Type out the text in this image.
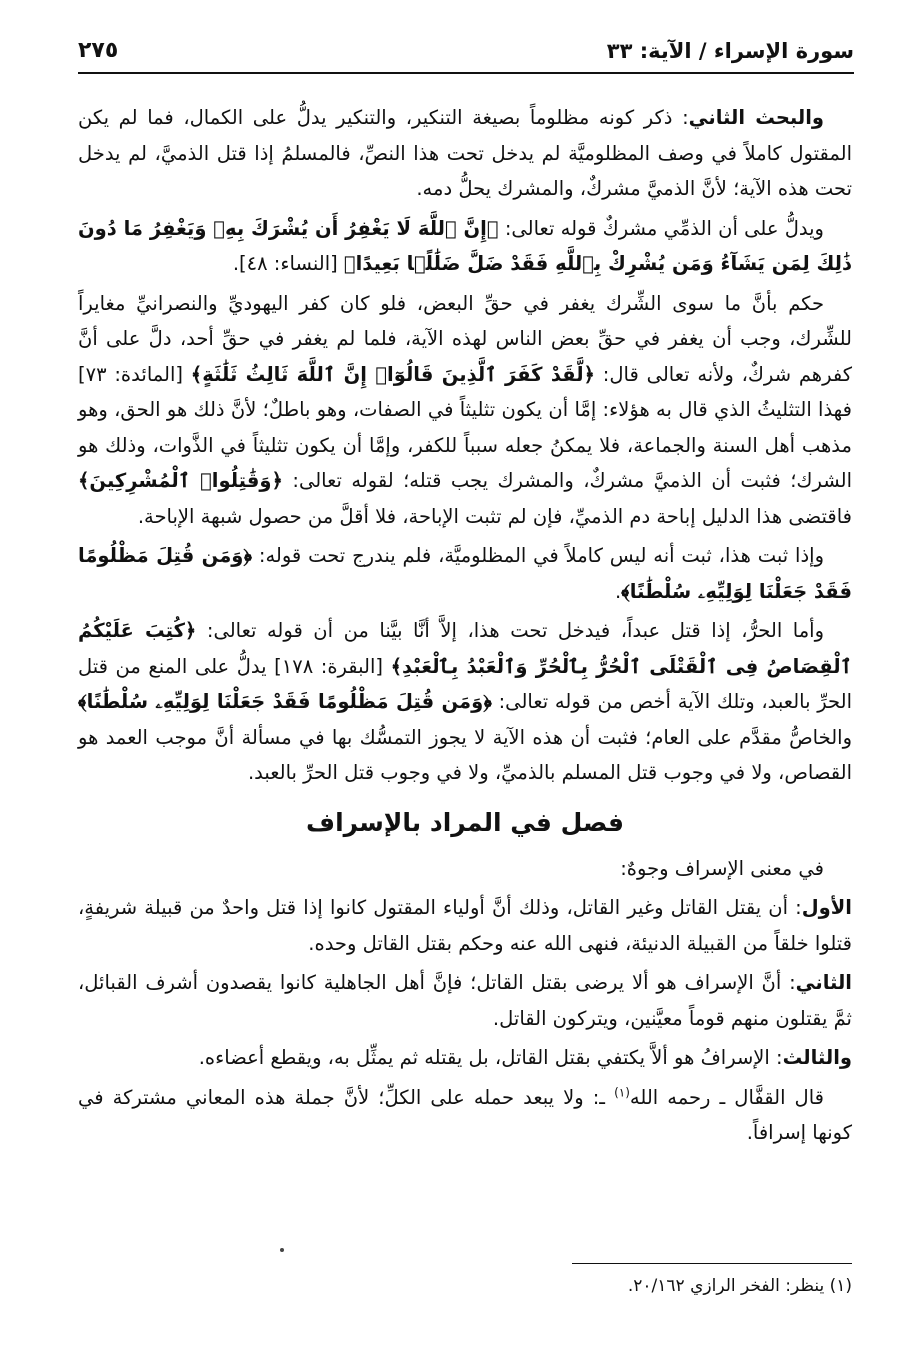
سورة الإسراء / الآية: ٣٣
٢٧٥

والبحث الثاني: ذكر كونه مظلوماً بصيغة التنكير، والتنكير يدلُّ على الكمال، فما لم يكن المقتول كاملاً في وصف المظلوميَّة لم يدخل تحت هذا النصِّ، فالمسلمُ إذا قتل الذميَّ، لم يدخل تحت هذه الآية؛ لأنَّ الذميَّ مشركٌ، والمشرك يحلُّ دمه.

ويدلُّ على أن الذمِّي مشركٌ قوله تعالى: ﴿إِنَّ ٱللَّهَ لَا يَغْفِرُ أَن يُشْرَكَ بِهِۦ وَيَغْفِرُ مَا دُونَ ذَٰلِكَ لِمَن يَشَآءُ وَمَن يُشْرِكْ بِٱللَّهِ فَقَدْ ضَلَّ ضَلَٰلًۢا بَعِيدًا﴾ [النساء: ٤٨].

حكم بأنَّ ما سوى الشِّرك يغفر في حقِّ البعض، فلو كان كفر اليهوديِّ والنصرانيِّ مغايراً للشِّرك، وجب أن يغفر في حقِّ بعض الناس لهذه الآية، فلما لم يغفر في حقِّ أحد، دلَّ على أنَّ كفرهم شركٌ، ولأنه تعالى قال: ﴿لَّقَدْ كَفَرَ ٱلَّذِينَ قَالُوٓا۟ إِنَّ ٱللَّهَ ثَالِثُ ثَلَٰثَةٍ﴾ [المائدة: ٧٣] فهذا التثليثُ الذي قال به هؤلاء: إمَّا أن يكون تثليثاً في الصفات، وهو باطلٌ؛ لأنَّ ذلك هو الحق، وهو مذهب أهل السنة والجماعة، فلا يمكنُ جعله سبباً للكفر، وإمَّا أن يكون تثليثاً في الذَّوات، وذلك هو الشرك؛ فثبت أن الذميَّ مشركٌ، والمشرك يجب قتله؛ لقوله تعالى: ﴿وَقَٰتِلُوا۟ ٱلْمُشْرِكِينَ﴾ فاقتضى هذا الدليل إباحة دم الذميِّ، فإن لم تثبت الإباحة، فلا أقلَّ من حصول شبهة الإباحة.

وإذا ثبت هذا، ثبت أنه ليس كاملاً في المظلوميَّة، فلم يندرج تحت قوله: ﴿وَمَن قُتِلَ مَظْلُومًا فَقَدْ جَعَلْنَا لِوَلِيِّهِۦ سُلْطَٰنًا﴾.

وأما الحرُّ، إذا قتل عبداً، فيدخل تحت هذا، إلاَّ أنَّا بيَّنا من أن قوله تعالى: ﴿كُتِبَ عَلَيْكُمُ ٱلْقِصَاصُ فِى ٱلْقَتْلَى ٱلْحُرُّ بِٱلْحُرِّ وَٱلْعَبْدُ بِٱلْعَبْدِ﴾ [البقرة: ١٧٨] يدلُّ على المنع من قتل الحرِّ بالعبد، وتلك الآية أخص من قوله تعالى: ﴿وَمَن قُتِلَ مَظْلُومًا فَقَدْ جَعَلْنَا لِوَلِيِّهِۦ سُلْطَٰنًا﴾ والخاصُّ مقدَّم على العام؛ فثبت أن هذه الآية لا يجوز التمسُّك بها في مسألة أنَّ موجب العمد هو القصاص، ولا في وجوب قتل المسلم بالذميِّ، ولا في وجوب قتل الحرِّ بالعبد.

فصل في المراد بالإسراف

في معنى الإسراف وجوهٌ:

الأول: أن يقتل القاتل وغير القاتل، وذلك أنَّ أولياء المقتول كانوا إذا قتل واحدٌ من قبيلة شريفةٍ، قتلوا خلقاً من القبيلة الدنيئة، فنهى الله عنه وحكم بقتل القاتل وحده.

الثاني: أنَّ الإسراف هو ألا يرضى بقتل القاتل؛ فإنَّ أهل الجاهلية كانوا يقصدون أشرف القبائل، ثمَّ يقتلون منهم قوماً معيَّنين، ويتركون القاتل.

والثالث: الإسرافُ هو ألاَّ يكتفي بقتل القاتل، بل يقتله ثم يمثِّل به، ويقطع أعضاءه.

قال القفَّال ـ رحمه الله$^{(١)}$ ـ: ولا يبعد حمله على الكلِّ؛ لأنَّ جملة هذه المعاني مشتركة في كونها إسرافاً.

(١) ينظر: الفخر الرازي ٢٠/١٦٢.
